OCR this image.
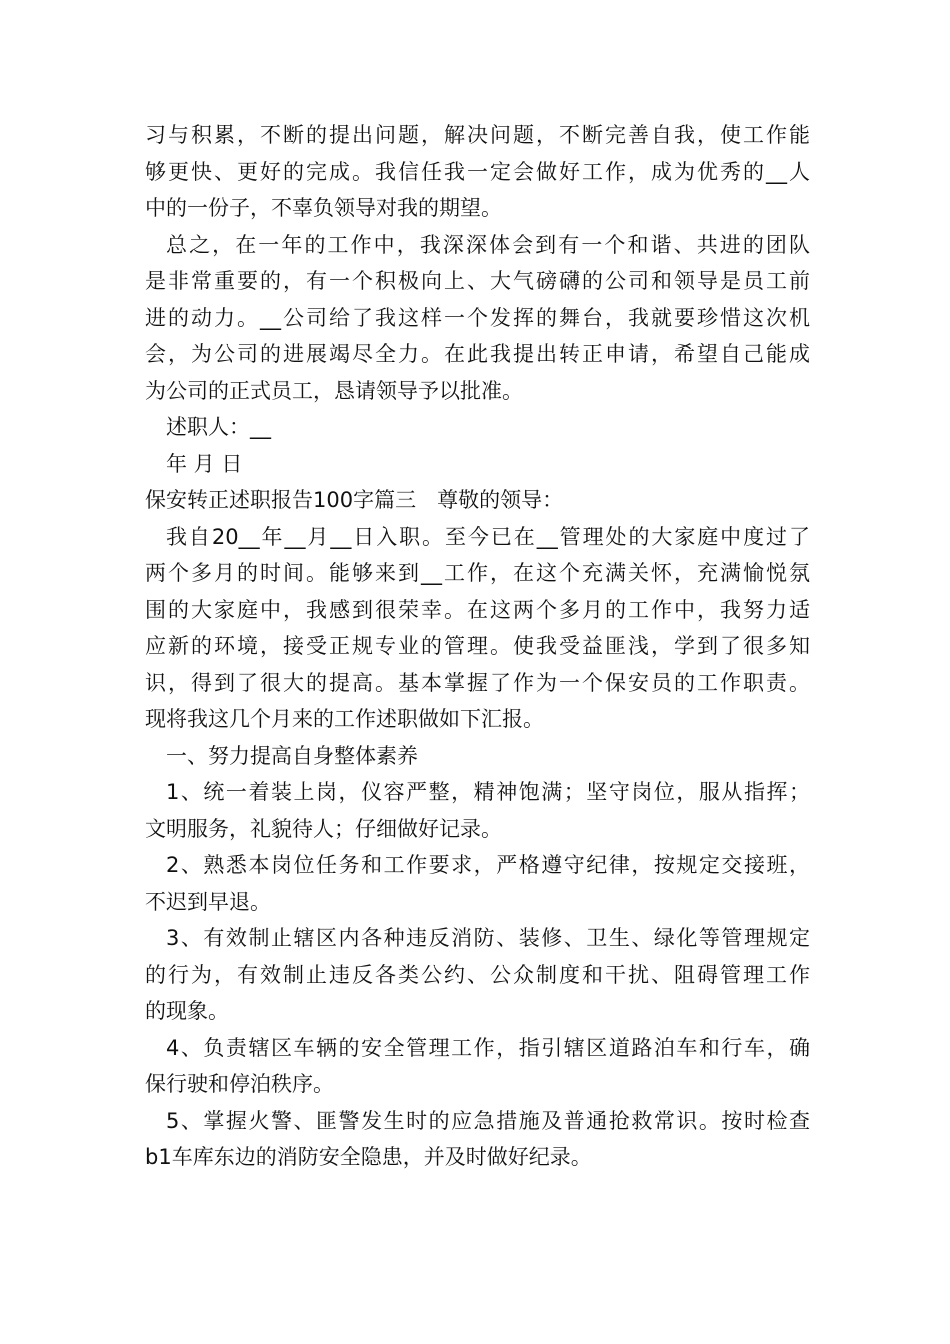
习与积累，不断的提出问题，解决问题，不断完善自我，使工作能
够更快、更好的完成。我信任我一定会做好工作，成为优秀的__人
中的一份子，不辜负领导对我的期望。
总之，在一年的工作中，我深深体会到有一个和谐、共进的团队
是非常重要的，有一个积极向上、大气磅礴的公司和领导是员工前
进的动力。__公司给了我这样一个发挥的舞台，我就要珍惜这次机
会，为公司的进展竭尽全力。在此我提出转正申请，希望自己能成
为公司的正式员工，恳请领导予以批准。
述职人：__
年 月 日
保安转正述职报告100字篇三　尊敬的领导：
我自20__年__月__日入职。至今已在__管理处的大家庭中度过了
两个多月的时间。能够来到__工作，在这个充满关怀，充满愉悦氛
围的大家庭中，我感到很荣幸。在这两个多月的工作中，我努力适
应新的环境，接受正规专业的管理。使我受益匪浅，学到了很多知
识，得到了很大的提高。基本掌握了作为一个保安员的工作职责。
现将我这几个月来的工作述职做如下汇报。
一、努力提高自身整体素养
1、统一着装上岗，仪容严整，精神饱满；坚守岗位，服从指挥；
文明服务，礼貌待人；仔细做好记录。
2、熟悉本岗位任务和工作要求，严格遵守纪律，按规定交接班，
不迟到早退。
3、有效制止辖区内各种违反消防、装修、卫生、绿化等管理规定
的行为，有效制止违反各类公约、公众制度和干扰、阻碍管理工作
的现象。
4、负责辖区车辆的安全管理工作，指引辖区道路泊车和行车，确
保行驶和停泊秩序。
5、掌握火警、匪警发生时的应急措施及普通抢救常识。按时检查
b1车库东边的消防安全隐患，并及时做好纪录。
